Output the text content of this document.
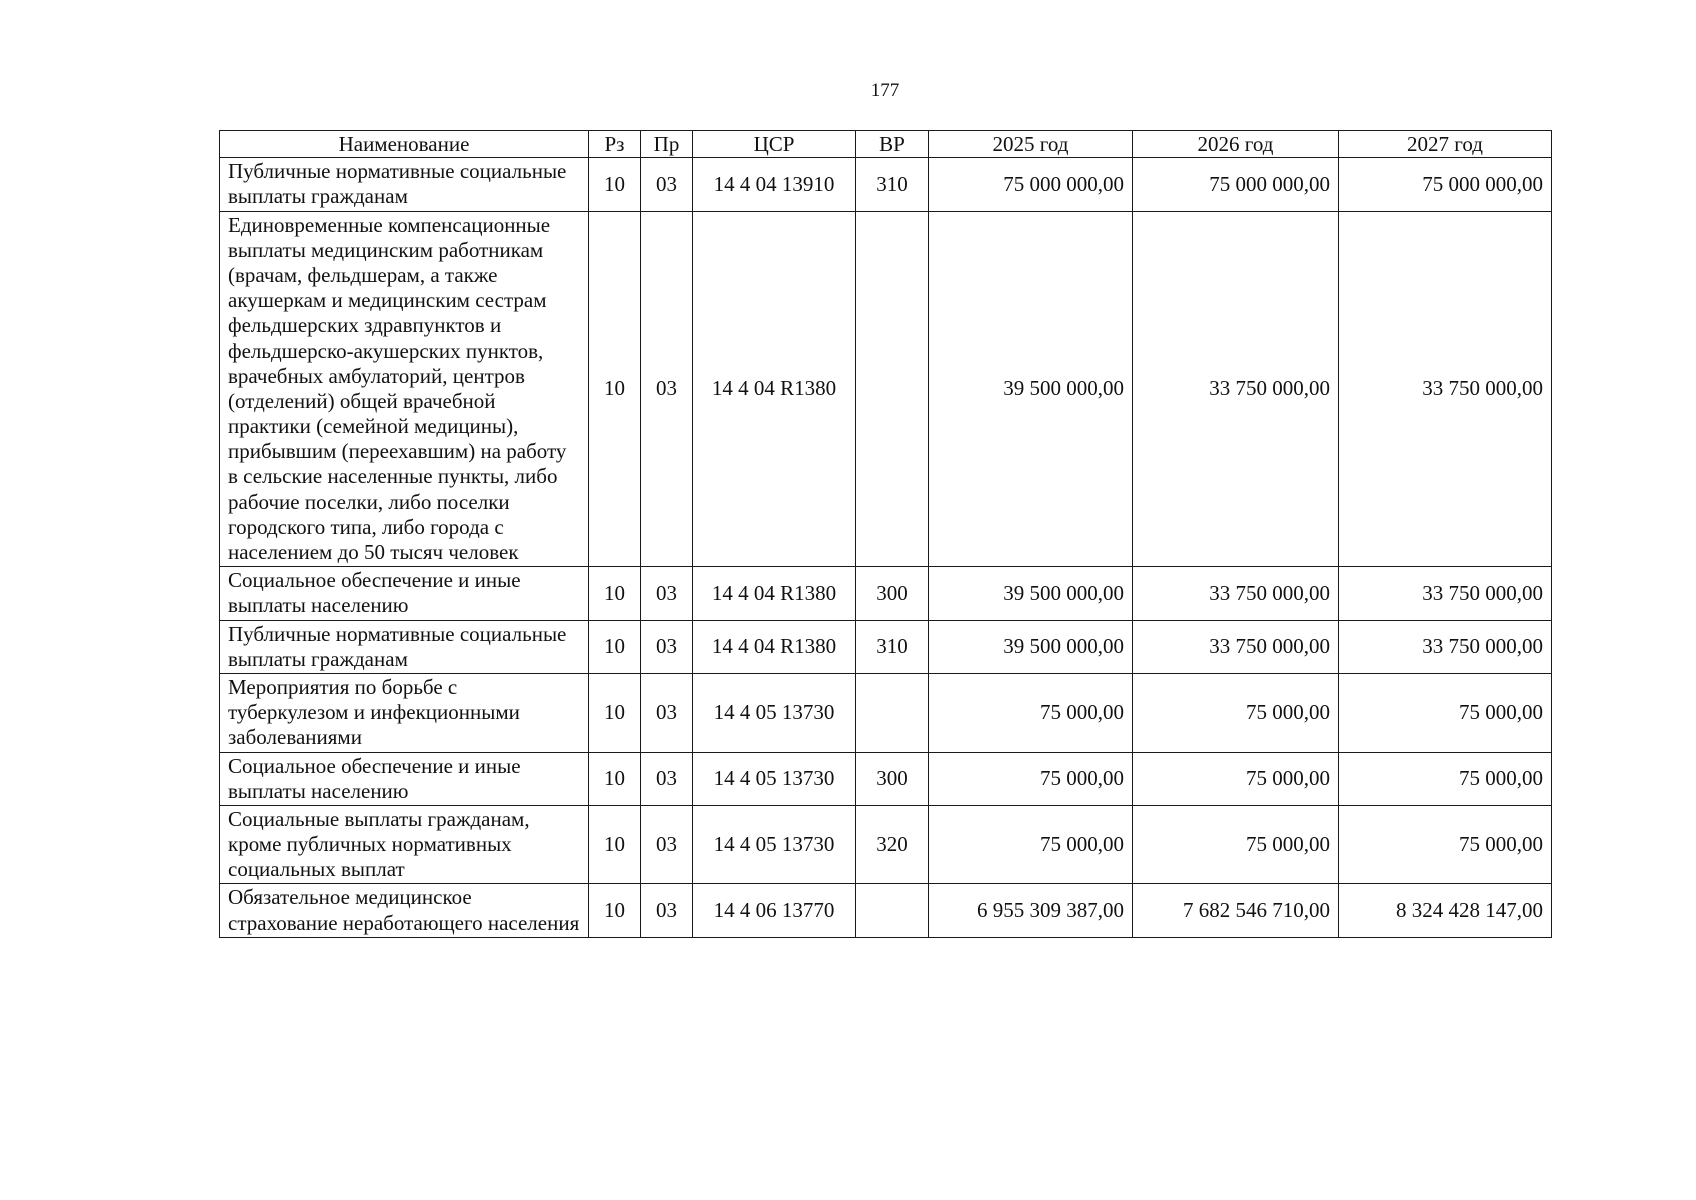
177
Наименование	Рз	Пр	ЦСР	ВР	2025 год	2026 год	2027 год
Публичные нормативные социальные выплаты гражданам	10	03	14 4 04 13910	310	75 000 000,00	75 000 000,00	75 000 000,00
Единовременные компенсационные выплаты медицинским работникам (врачам, фельдшерам, а также акушеркам и медицинским сестрам фельдшерских здравпунктов и фельдшерско-акушерских пунктов, врачебных амбулаторий, центров (отделений) общей врачебной практики (семейной медицины), прибывшим (переехавшим) на работу в сельские населенные пункты, либо рабочие поселки, либо поселки городского типа, либо города с населением до 50 тысяч человек	10	03	14 4 04 R1380		39 500 000,00	33 750 000,00	33 750 000,00
Социальное обеспечение и иные выплаты населению	10	03	14 4 04 R1380	300	39 500 000,00	33 750 000,00	33 750 000,00
Публичные нормативные социальные выплаты гражданам	10	03	14 4 04 R1380	310	39 500 000,00	33 750 000,00	33 750 000,00
Мероприятия по борьбе с туберкулезом и инфекционными заболеваниями	10	03	14 4 05 13730		75 000,00	75 000,00	75 000,00
Социальное обеспечение и иные выплаты населению	10	03	14 4 05 13730	300	75 000,00	75 000,00	75 000,00
Социальные выплаты гражданам, кроме публичных нормативных социальных выплат	10	03	14 4 05 13730	320	75 000,00	75 000,00	75 000,00
Обязательное медицинское страхование неработающего населения	10	03	14 4 06 13770		6 955 309 387,00	7 682 546 710,00	8 324 428 147,00
